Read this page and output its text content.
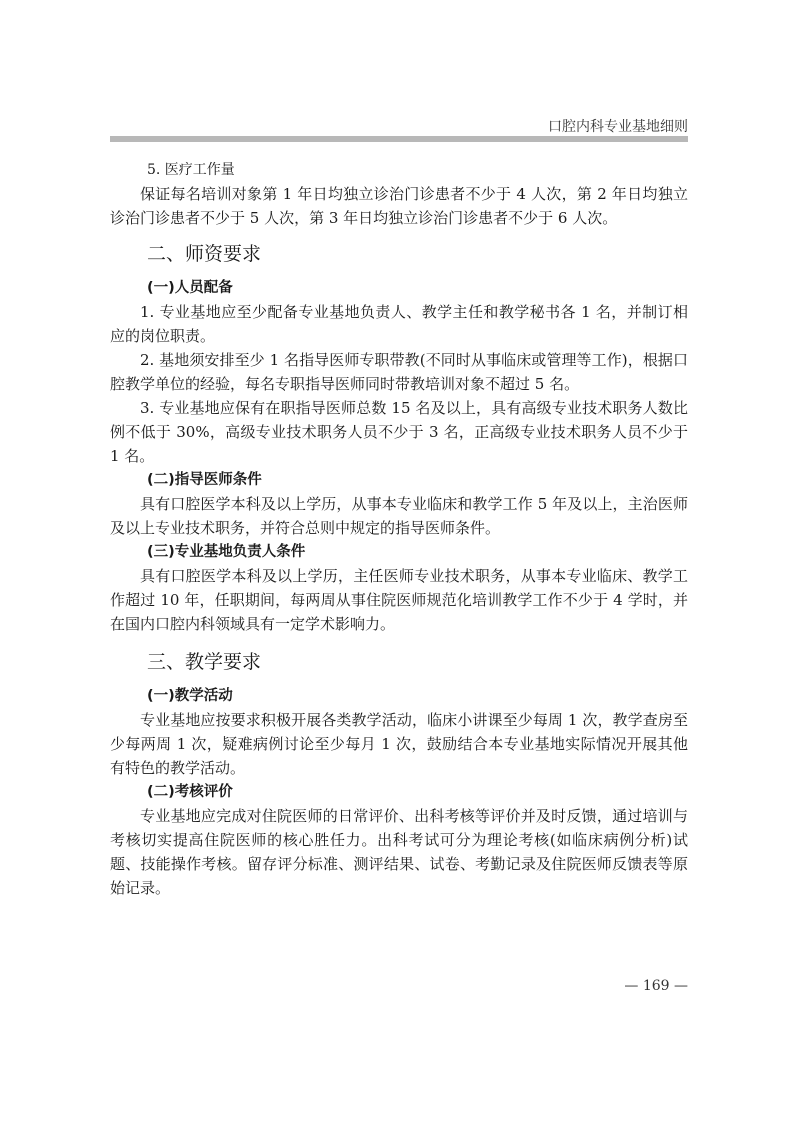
口腔内科专业基地细则

5. 医疗工作量

保证每名培训对象第 1 年日均独立诊治门诊患者不少于 4 人次，第 2 年日均独立诊治门诊患者不少于 5 人次，第 3 年日均独立诊治门诊患者不少于 6 人次。

二、师资要求
(一)人员配备

1. 专业基地应至少配备专业基地负责人、教学主任和教学秘书各 1 名，并制订相应的岗位职责。

2. 基地须安排至少 1 名指导医师专职带教(不同时从事临床或管理等工作)，根据口腔教学单位的经验，每名专职指导医师同时带教培训对象不超过 5 名。

3. 专业基地应保有在职指导医师总数 15 名及以上，具有高级专业技术职务人数比例不低于 30%，高级专业技术职务人员不少于 3 名，正高级专业技术职务人员不少于 1 名。

(二)指导医师条件

具有口腔医学本科及以上学历，从事本专业临床和教学工作 5 年及以上，主治医师及以上专业技术职务，并符合总则中规定的指导医师条件。

(三)专业基地负责人条件

具有口腔医学本科及以上学历，主任医师专业技术职务，从事本专业临床、教学工作超过 10 年，任职期间，每两周从事住院医师规范化培训教学工作不少于 4 学时，并在国内口腔内科领域具有一定学术影响力。

三、教学要求
(一)教学活动

专业基地应按要求积极开展各类教学活动，临床小讲课至少每周 1 次，教学查房至少每两周 1 次，疑难病例讨论至少每月 1 次，鼓励结合本专业基地实际情况开展其他有特色的教学活动。

(二)考核评价

专业基地应完成对住院医师的日常评价、出科考核等评价并及时反馈，通过培训与考核切实提高住院医师的核心胜任力。出科考试可分为理论考核(如临床病例分析)试题、技能操作考核。留存评分标准、测评结果、试卷、考勤记录及住院医师反馈表等原始记录。

— 169 —
